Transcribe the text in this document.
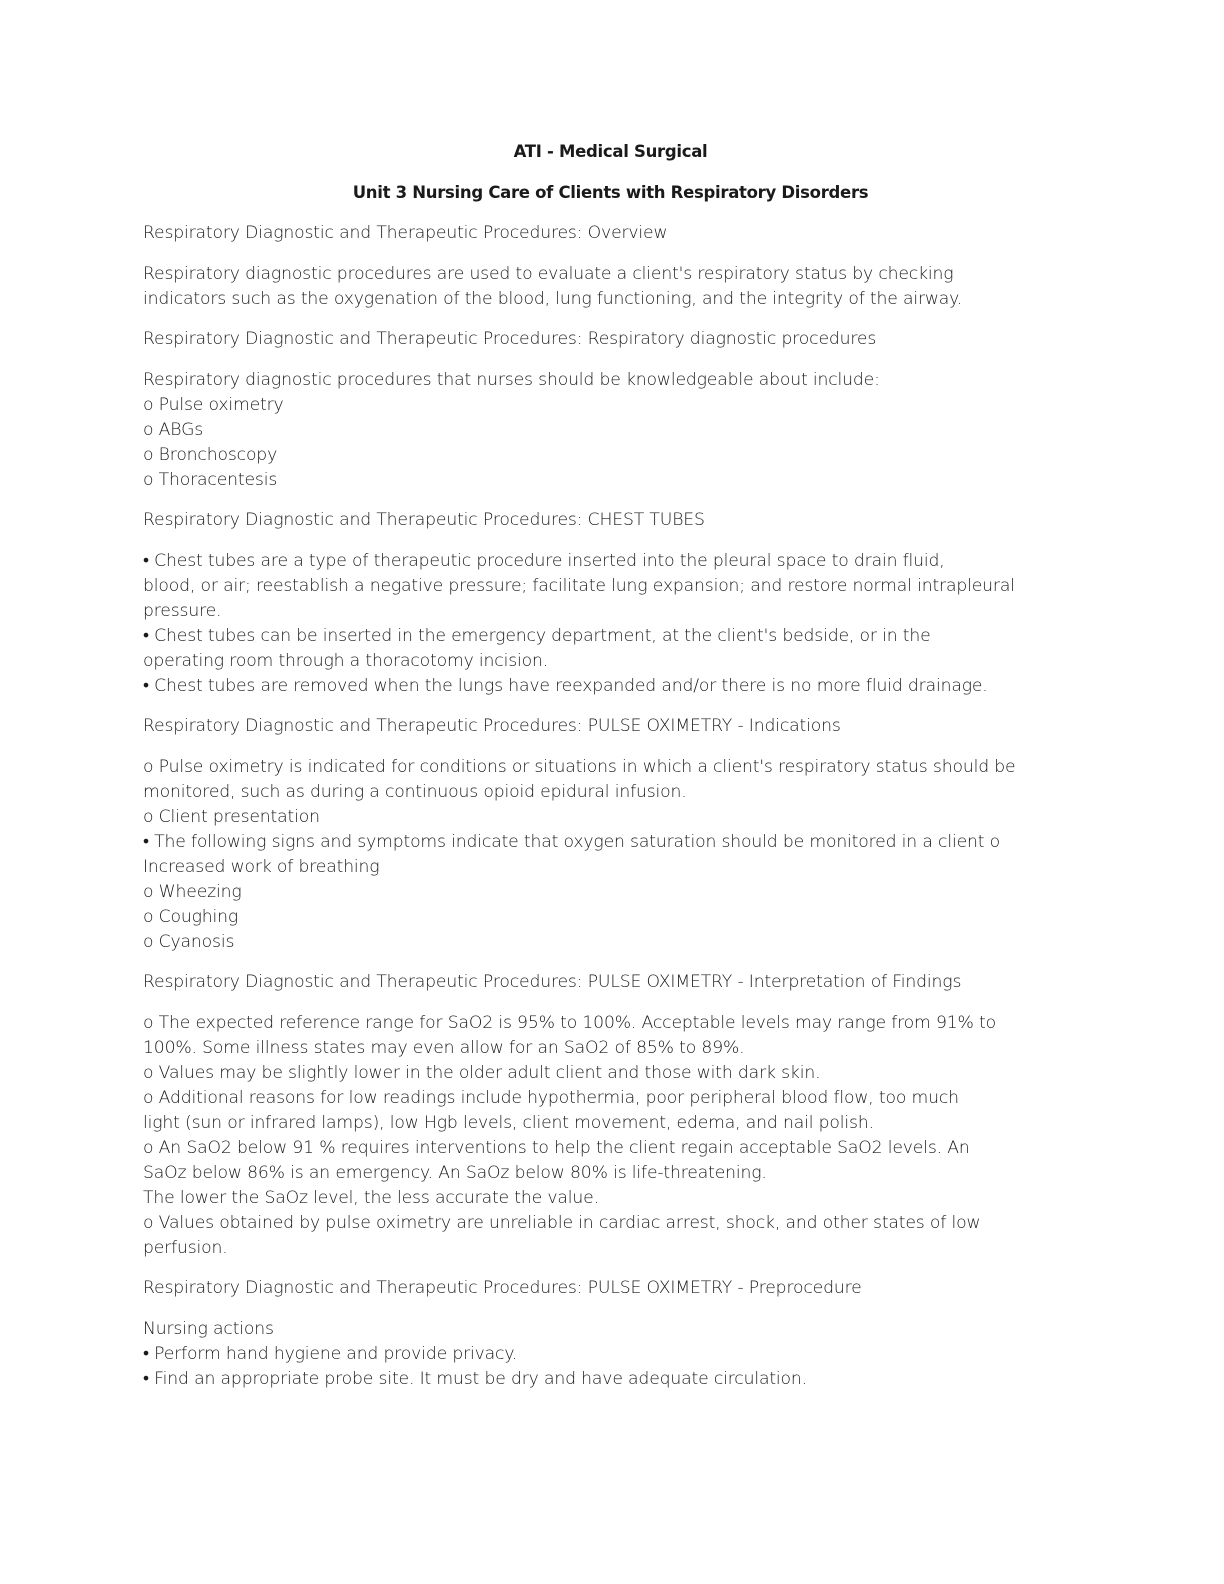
ATI - Medical Surgical
Unit 3 Nursing Care of Clients with Respiratory Disorders
Respiratory Diagnostic and Therapeutic Procedures: Overview
Respiratory diagnostic procedures are used to evaluate a client's respiratory status by checking
indicators such as the oxygenation of the blood, lung functioning, and the integrity of the airway.
Respiratory Diagnostic and Therapeutic Procedures: Respiratory diagnostic procedures
Respiratory diagnostic procedures that nurses should be knowledgeable about include:
o Pulse oximetry
o ABGs
o Bronchoscopy
o Thoracentesis
Respiratory Diagnostic and Therapeutic Procedures: CHEST TUBES
• Chest tubes are a type of therapeutic procedure inserted into the pleural space to drain fluid,
blood, or air; reestablish a negative pressure; facilitate lung expansion; and restore normal intrapleural
pressure.
• Chest tubes can be inserted in the emergency department, at the client's bedside, or in the
operating room through a thoracotomy incision.
• Chest tubes are removed when the lungs have reexpanded and/or there is no more fluid drainage.
Respiratory Diagnostic and Therapeutic Procedures: PULSE OXIMETRY - Indications
o Pulse oximetry is indicated for conditions or situations in which a client's respiratory status should be
monitored, such as during a continuous opioid epidural infusion.
o Client presentation
• The following signs and symptoms indicate that oxygen saturation should be monitored in a client o
Increased work of breathing
o Wheezing
o Coughing
o Cyanosis
Respiratory Diagnostic and Therapeutic Procedures: PULSE OXIMETRY - Interpretation of Findings
o The expected reference range for SaO2 is 95% to 100%. Acceptable levels may range from 91% to
100%. Some illness states may even allow for an SaO2 of 85% to 89%.
o Values may be slightly lower in the older adult client and those with dark skin.
o Additional reasons for low readings include hypothermia, poor peripheral blood flow, too much
light (sun or infrared lamps), low Hgb levels, client movement, edema, and nail polish.
o An SaO2 below 91 % requires interventions to help the client regain acceptable SaO2 levels. An
SaOz below 86% is an emergency. An SaOz below 80% is life-threatening.
The lower the SaOz level, the less accurate the value.
o Values obtained by pulse oximetry are unreliable in cardiac arrest, shock, and other states of low
perfusion.
Respiratory Diagnostic and Therapeutic Procedures: PULSE OXIMETRY - Preprocedure
Nursing actions
• Perform hand hygiene and provide privacy.
• Find an appropriate probe site. It must be dry and have adequate circulation.
